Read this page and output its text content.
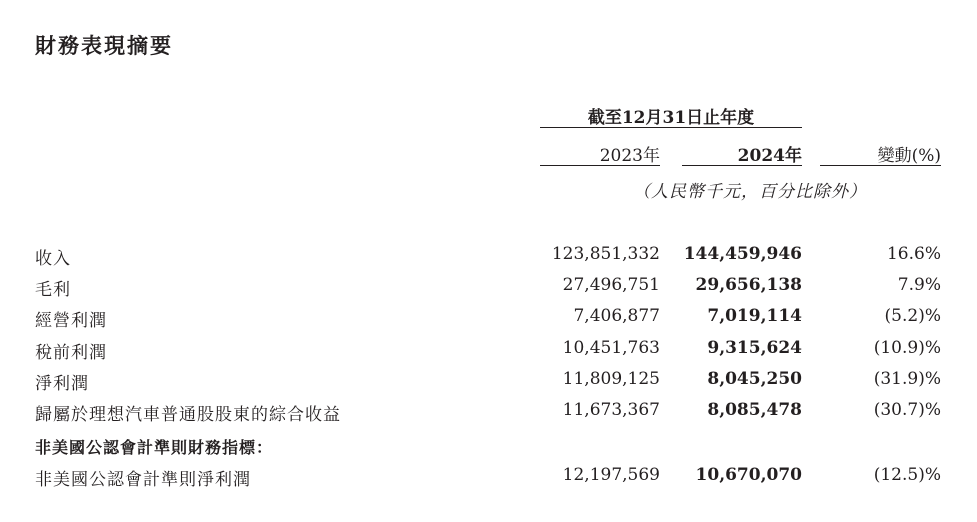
財務表現摘要
截至12月31日止年度
2023年	2024年	變動(%)
（人民幣千元，百分比除外）
收入	123,851,332 144,459,946	16.6%
毛利	27,496,751	29,656,138	7.9%
經營利潤	7,406,877	7,019,114	(5.2)%
稅前利潤	10,451,763	9,315,624	(10.9)%
淨利潤	11,809,125	8,045,250	(31.9)%
歸屬於理想汽車普通股股東的綜合收益	11,673,367	8,085,478	(30.7)%
非美國公認會計準則財務指標：
非美國公認會計準則淨利潤	12,197,569	10,670,070	(12.5)%
